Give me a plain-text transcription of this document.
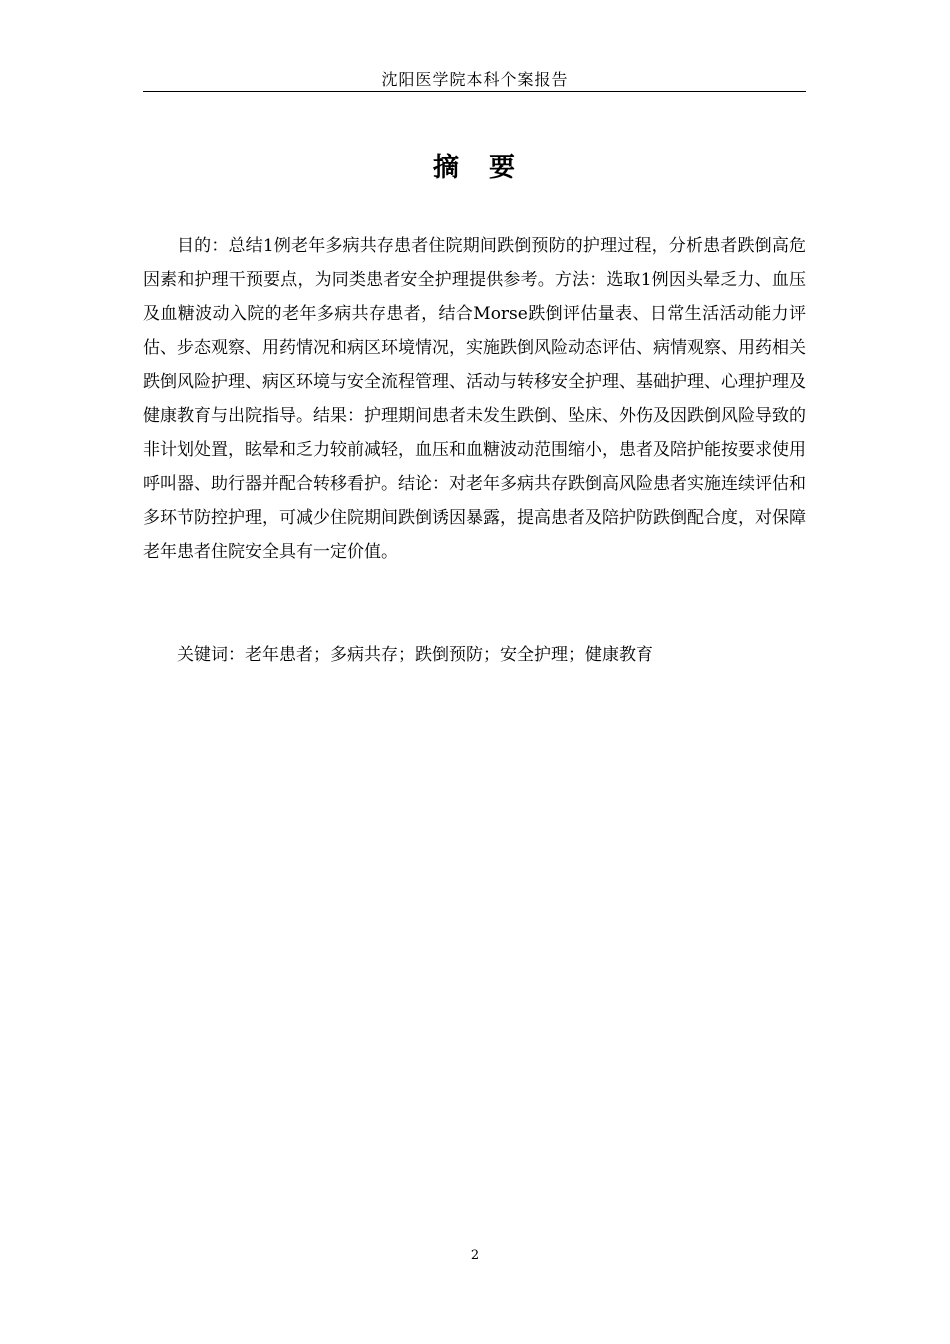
沈阳医学院本科个案报告
摘 要

目的：总结1例老年多病共存患者住院期间跌倒预防的护理过程，分析患者跌倒高危因素和护理干预要点，为同类患者安全护理提供参考。方法：选取1例因头晕乏力、血压及血糖波动入院的老年多病共存患者，结合Morse跌倒评估量表、日常生活活动能力评估、步态观察、用药情况和病区环境情况，实施跌倒风险动态评估、病情观察、用药相关跌倒风险护理、病区环境与安全流程管理、活动与转移安全护理、基础护理、心理护理及健康教育与出院指导。结果：护理期间患者未发生跌倒、坠床、外伤及因跌倒风险导致的非计划处置，眩晕和乏力较前减轻，血压和血糖波动范围缩小，患者及陪护能按要求使用呼叫器、助行器并配合转移看护。结论：对老年多病共存跌倒高风险患者实施连续评估和多环节防控护理，可减少住院期间跌倒诱因暴露，提高患者及陪护防跌倒配合度，对保障老年患者住院安全具有一定价值。

关键词：老年患者；多病共存；跌倒预防；安全护理；健康教育

2
